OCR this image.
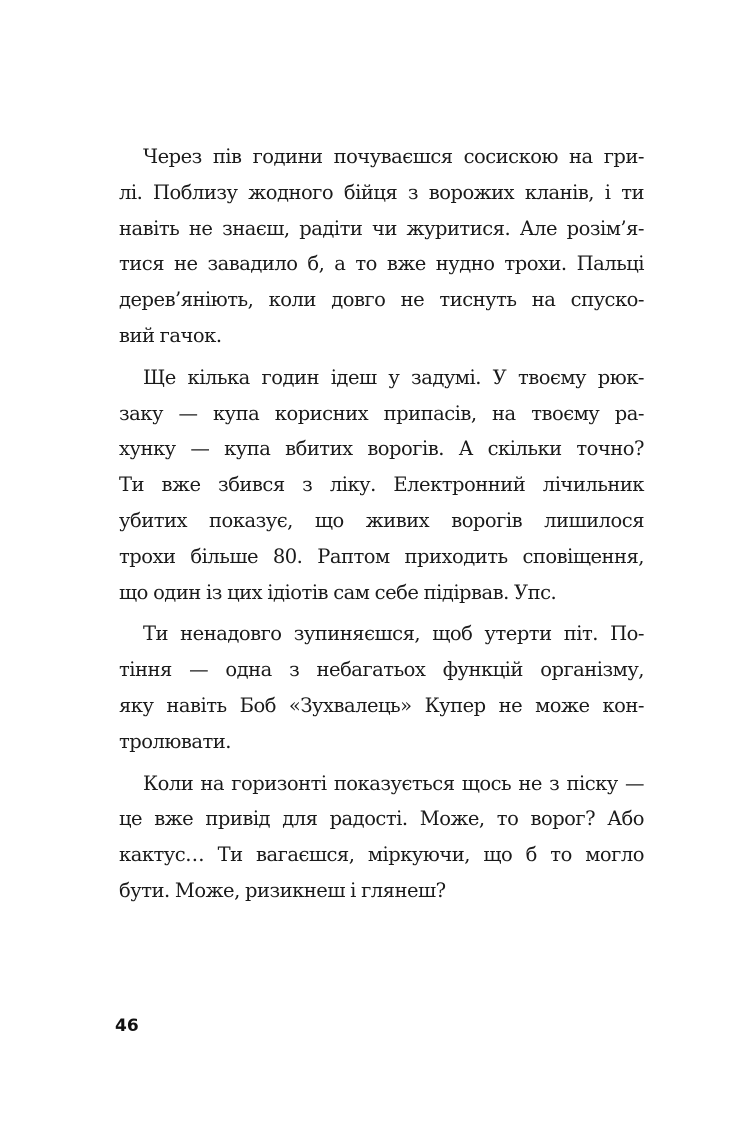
Через пів години почуваєшся сосискою на гри-
лі. Поблизу жодного бійця з ворожих кланів, і ти
навіть не знаєш, радіти чи журитися. Але розім’я-
тися не завадило б, а то вже нудно трохи. Пальці
дерев’яніють, коли довго не тиснуть на спуско-
вий гачок.
Ще кілька годин ідеш у задумі. У твоєму рюк-
заку — купа корисних припасів, на твоєму ра-
хунку — купа вбитих ворогів. А скільки точно?
Ти вже збився з ліку. Електронний лічильник
убитих показує, що живих ворогів лишилося
трохи більше 80. Раптом приходить сповіщення,
що один із цих ідіотів сам себе підірвав. Упс.
Ти ненадовго зупиняєшся, щоб утерти піт. По-
тіння — одна з небагатьох функцій організму,
яку навіть Боб «Зухвалець» Купер не може кон-
тролювати.
Коли на горизонті показується щось не з піску —
це вже привід для радості. Може, то ворог? Або
кактус… Ти вагаєшся, міркуючи, що б то могло
бути. Може, ризикнеш і глянеш?
46
